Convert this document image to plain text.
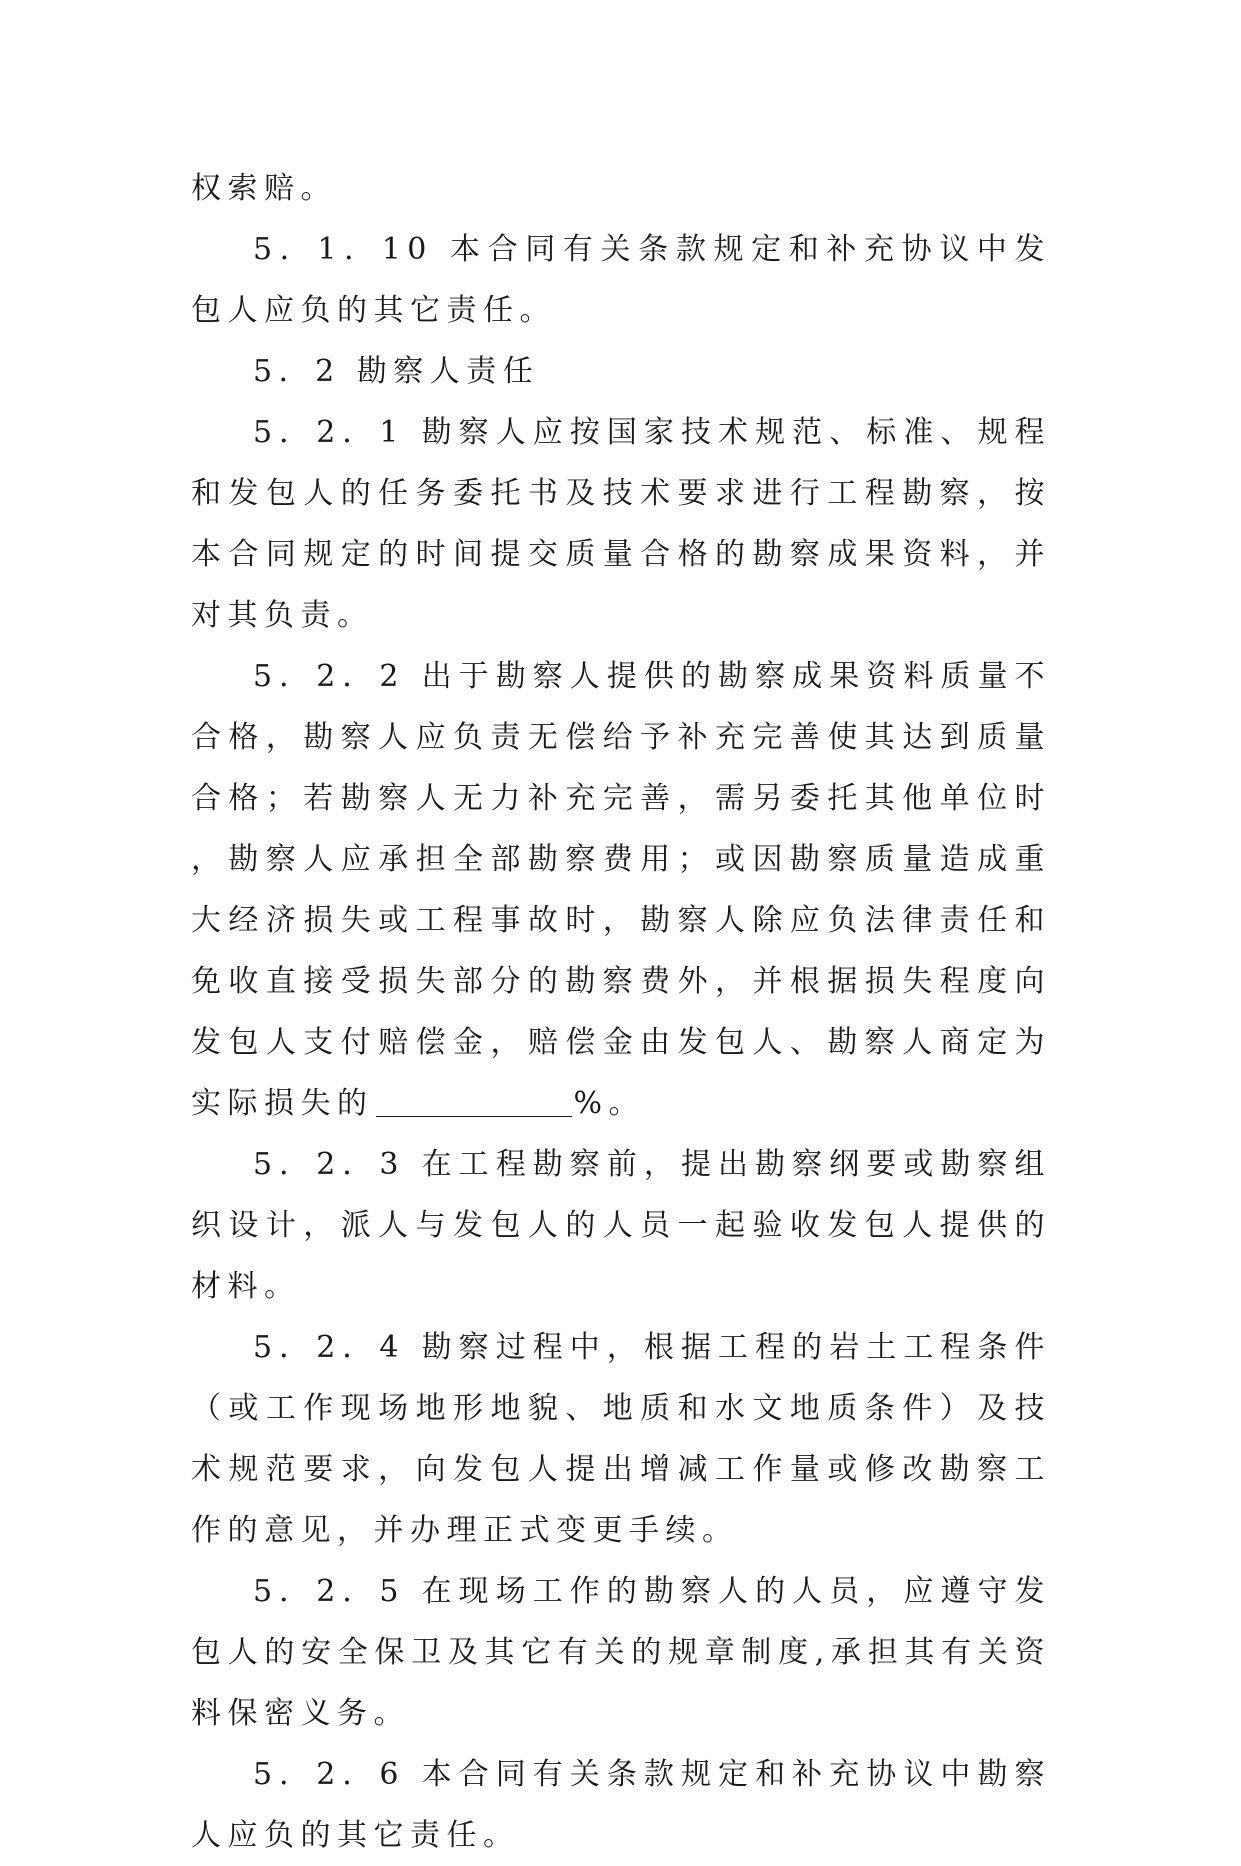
权索赔。

5．1．10 本合同有关条款规定和补充协议中发包人应负的其它责任。

5．2 勘察人责任

5．2．1 勘察人应按国家技术规范、标准、规程和发包人的任务委托书及技术要求进行工程勘察，按本合同规定的时间提交质量合格的勘察成果资料，并对其负责。

5．2．2 出于勘察人提供的勘察成果资料质量不合格，勘察人应负责无偿给予补充完善使其达到质量合格；若勘察人无力补充完善，需另委托其他单位时，勘察人应承担全部勘察费用；或因勘察质量造成重大经济损失或工程事故时，勘察人除应负法律责任和免收直接受损失部分的勘察费外，并根据损失程度向发包人支付赔偿金，赔偿金由发包人、勘察人商定为实际损失的	%。

5．2．3 在工程勘察前，提出勘察纲要或勘察组织设计，派人与发包人的人员一起验收发包人提供的材料。

5．2．4 勘察过程中，根据工程的岩土工程条件（或工作现场地形地貌、地质和水文地质条件）及技术规范要求，向发包人提出增减工作量或修改勘察工作的意见，并办理正式变更手续。

5．2．5 在现场工作的勘察人的人员，应遵守发包人的安全保卫及其它有关的规章制度,承担其有关资料保密义务。

5．2．6 本合同有关条款规定和补充协议中勘察人应负的其它责任。
